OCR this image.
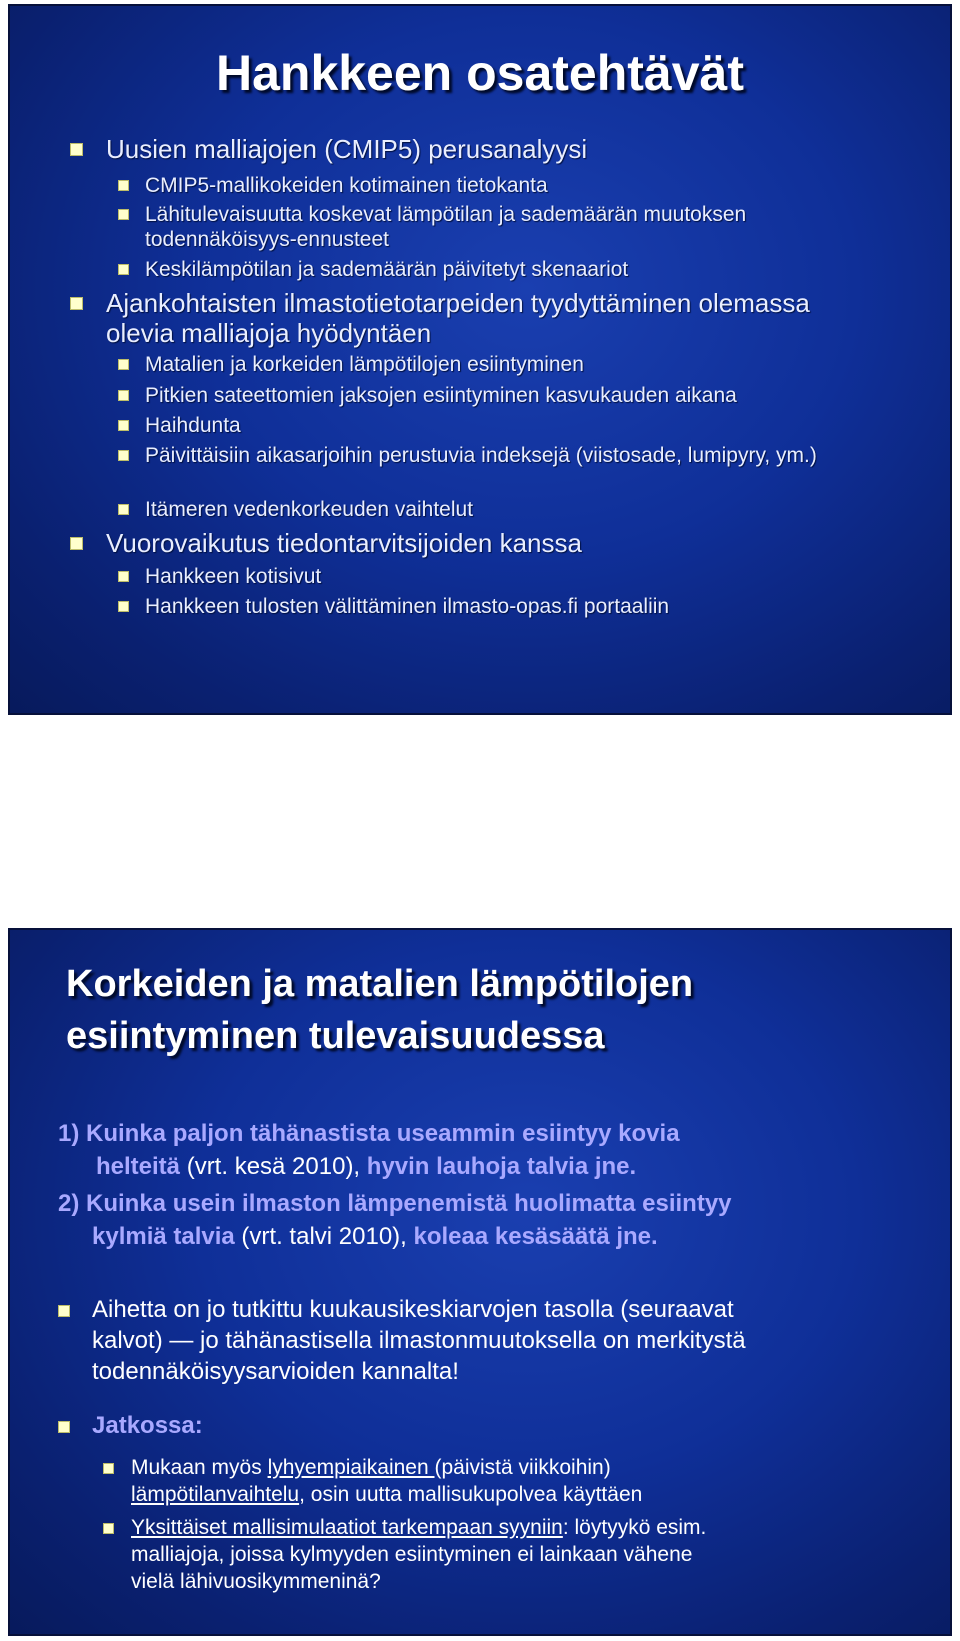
Hankkeen osatehtävät
Uusien malliajojen (CMIP5) perusanalyysi
CMIP5-mallikokeiden kotimainen tietokanta
Lähitulevaisuutta koskevat lämpötilan ja sademäärän muutoksen todennäköisyys-ennusteet
Keskilämpötilan ja sademäärän päivitetyt skenaariot
Ajankohtaisten ilmastotietotarpeiden tyydyttäminen olemassa olevia malliajoja hyödyntäen
Matalien ja korkeiden lämpötilojen esiintyminen
Pitkien sateettomien jaksojen esiintyminen kasvukauden aikana
Haihdunta
Päivittäisiin aikasarjoihin perustuvia indeksejä (viistosade, lumipyry, ym.)
Itämeren vedenkorkeuden vaihtelut
Vuorovaikutus tiedontarvitsijoiden kanssa
Hankkeen kotisivut
Hankkeen tulosten välittäminen ilmasto-opas.fi portaaliin
Korkeiden ja matalien lämpötilojen
esiintyminen tulevaisuudessa
1) Kuinka paljon tähänastista useammin esiintyy kovia
helteitä (vrt. kesä 2010), hyvin lauhoja talvia jne.
2) Kuinka usein ilmaston lämpenemistä huolimatta esiintyy
kylmiä talvia (vrt. talvi 2010), koleaa kesäsäätä jne.
Aihetta on jo tutkittu kuukausikeskiarvojen tasolla (seuraavat
kalvot) — jo tähänastisella ilmastonmuutoksella on merkitystä
todennäköisyysarvioiden kannalta!
Jatkossa:
Mukaan myös lyhyempiaikainen (päivistä viikkoihin)
lämpötilanvaihtelu, osin uutta mallisukupolvea käyttäen
Yksittäiset mallisimulaatiot tarkempaan syyniin: löytyykö esim.
malliajoja, joissa kylmyyden esiintyminen ei lainkaan vähene
vielä lähivuosikymmeninä?
